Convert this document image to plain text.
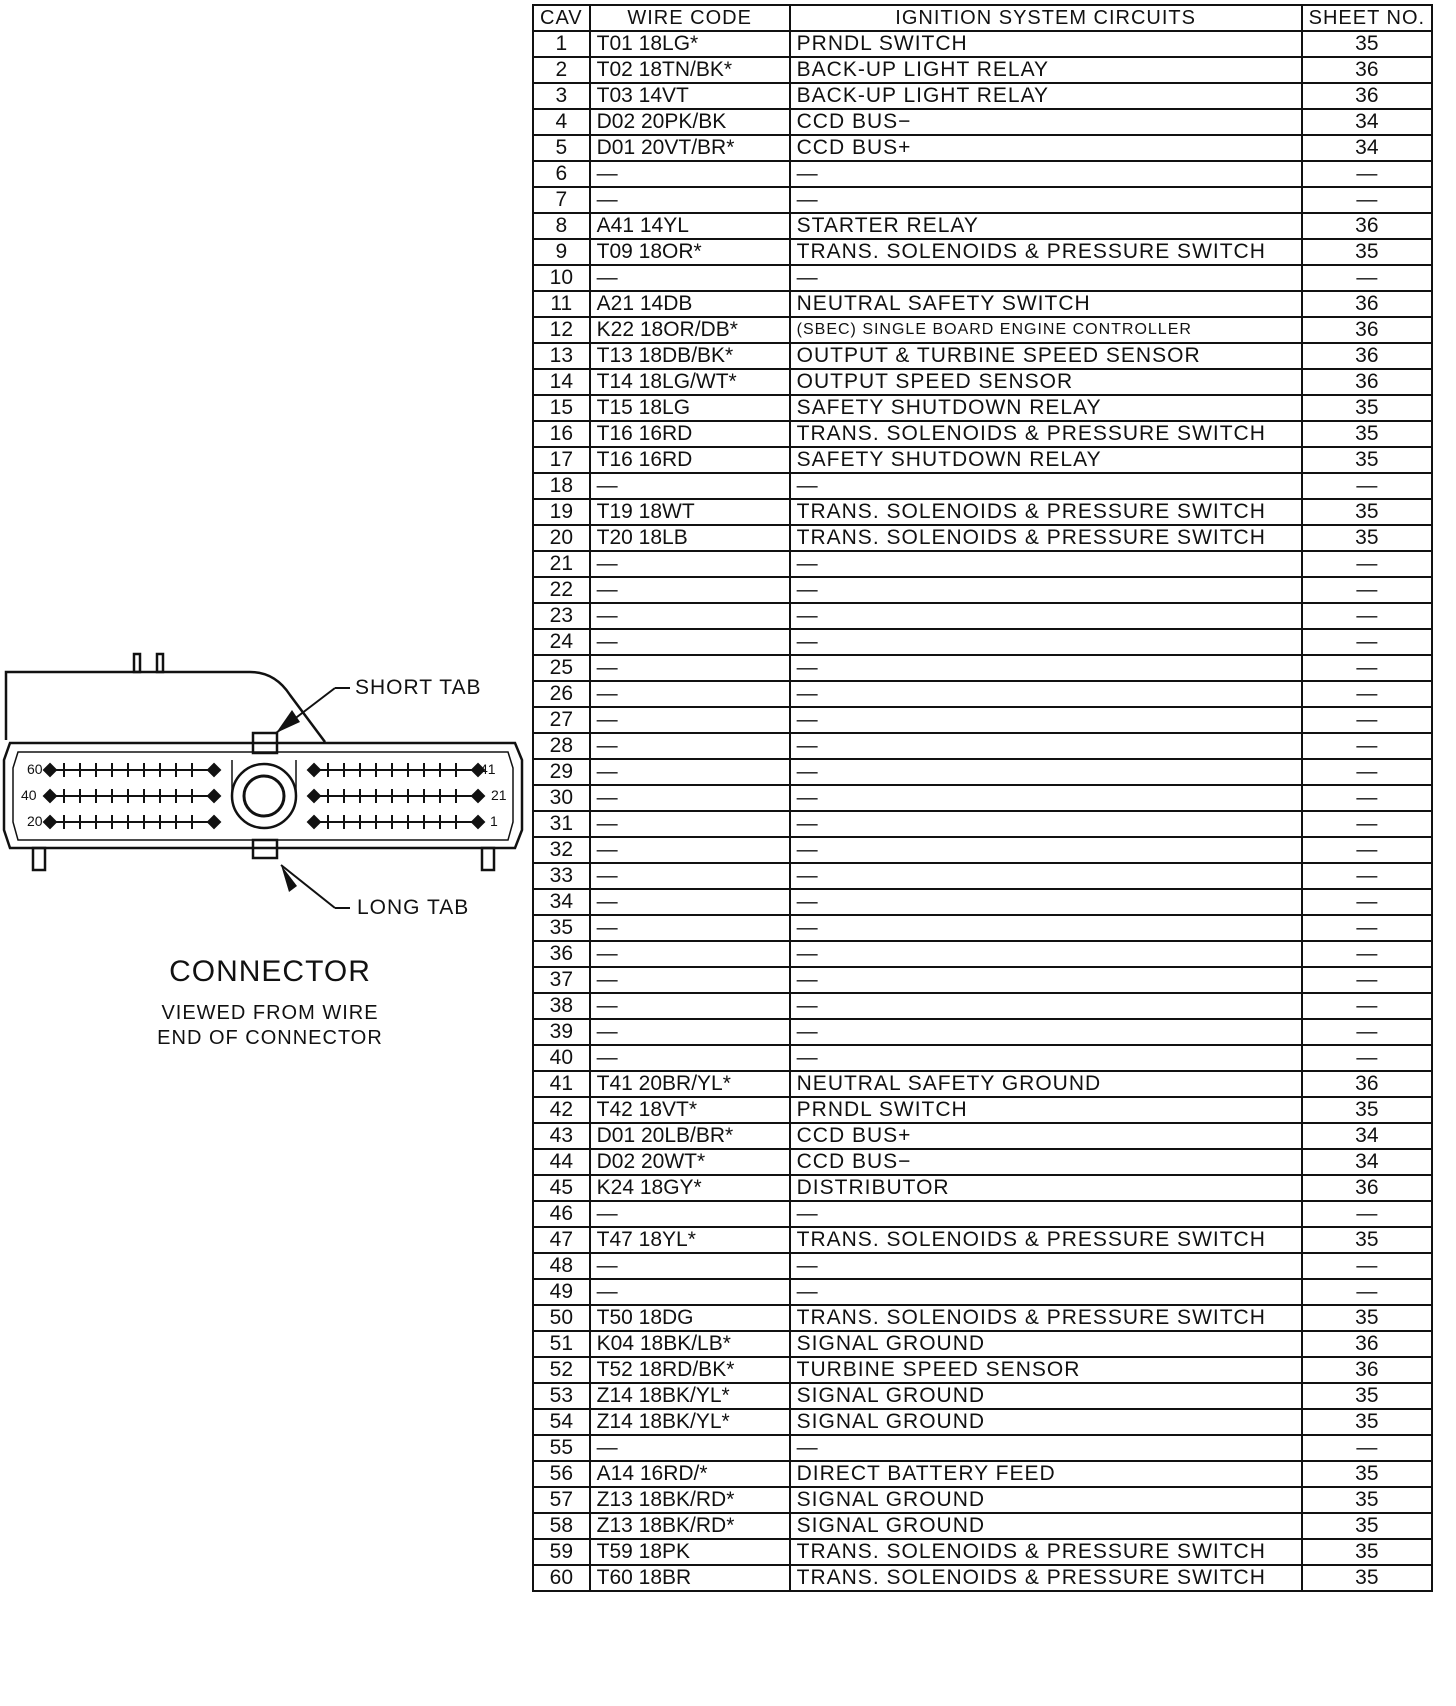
60
40
20
41
21
1
SHORT TAB
LONG TAB
CONNECTOR
VIEWED FROM WIRE
END OF CONNECTOR
CAV	WIRE CODE	IGNITION SYSTEM CIRCUITS	SHEET NO.
1	T01 18LG*	PRNDL SWITCH	35
2	T02 18TN/BK*	BACK-UP LIGHT RELAY	36
3	T03 14VT	BACK-UP LIGHT RELAY	36
4	D02 20PK/BK	CCD BUS−	34
5	D01 20VT/BR*	CCD BUS+	34
6	—	—	—
7	—	—	—
8	A41 14YL	STARTER RELAY	36
9	T09 18OR*	TRANS. SOLENOIDS & PRESSURE SWITCH	35
10	—	—	—
11	A21 14DB	NEUTRAL SAFETY SWITCH	36
12	K22 18OR/DB*	(SBEC) SINGLE BOARD ENGINE CONTROLLER	36
13	T13 18DB/BK*	OUTPUT & TURBINE SPEED SENSOR	36
14	T14 18LG/WT*	OUTPUT SPEED SENSOR	36
15	T15 18LG	SAFETY SHUTDOWN RELAY	35
16	T16 16RD	TRANS. SOLENOIDS & PRESSURE SWITCH	35
17	T16 16RD	SAFETY SHUTDOWN RELAY	35
18	—	—	—
19	T19 18WT	TRANS. SOLENOIDS & PRESSURE SWITCH	35
20	T20 18LB	TRANS. SOLENOIDS & PRESSURE SWITCH	35
21	—	—	—
22	—	—	—
23	—	—	—
24	—	—	—
25	—	—	—
26	—	—	—
27	—	—	—
28	—	—	—
29	—	—	—
30	—	—	—
31	—	—	—
32	—	—	—
33	—	—	—
34	—	—	—
35	—	—	—
36	—	—	—
37	—	—	—
38	—	—	—
39	—	—	—
40	—	—	—
41	T41 20BR/YL*	NEUTRAL SAFETY GROUND	36
42	T42 18VT*	PRNDL SWITCH	35
43	D01 20LB/BR*	CCD BUS+	34
44	D02 20WT*	CCD BUS−	34
45	K24 18GY*	DISTRIBUTOR	36
46	—	—	—
47	T47 18YL*	TRANS. SOLENOIDS & PRESSURE SWITCH	35
48	—	—	—
49	—	—	—
50	T50 18DG	TRANS. SOLENOIDS & PRESSURE SWITCH	35
51	K04 18BK/LB*	SIGNAL GROUND	36
52	T52 18RD/BK*	TURBINE SPEED SENSOR	36
53	Z14 18BK/YL*	SIGNAL GROUND	35
54	Z14 18BK/YL*	SIGNAL GROUND	35
55	—	—	—
56	A14 16RD/*	DIRECT BATTERY FEED	35
57	Z13 18BK/RD*	SIGNAL GROUND	35
58	Z13 18BK/RD*	SIGNAL GROUND	35
59	T59 18PK	TRANS. SOLENOIDS & PRESSURE SWITCH	35
60	T60 18BR	TRANS. SOLENOIDS & PRESSURE SWITCH	35
